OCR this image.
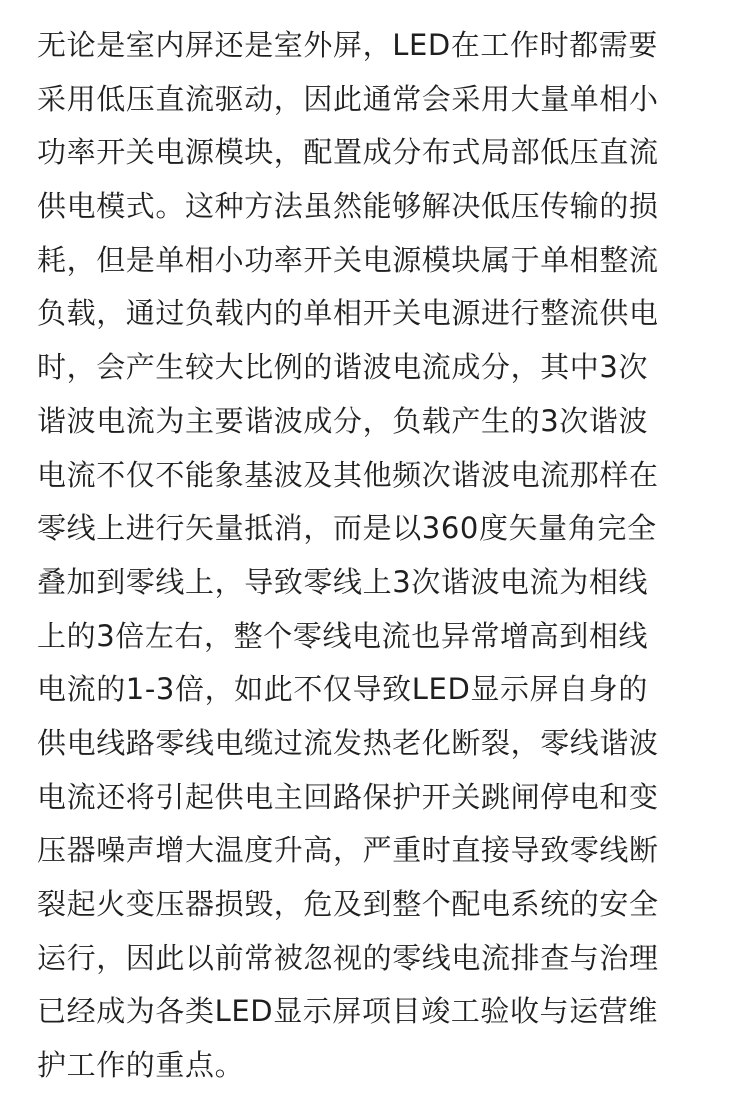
无论是室内屏还是室外屏，LED在工作时都需要
采用低压直流驱动，因此通常会采用大量单相小
功率开关电源模块，配置成分布式局部低压直流
供电模式。这种方法虽然能够解决低压传输的损
耗，但是单相小功率开关电源模块属于单相整流
负载，通过负载内的单相开关电源进行整流供电
时，会产生较大比例的谐波电流成分，其中3次
谐波电流为主要谐波成分，负载产生的3次谐波
电流不仅不能象基波及其他频次谐波电流那样在
零线上进行矢量抵消，而是以360度矢量角完全
叠加到零线上，导致零线上3次谐波电流为相线
上的3倍左右，整个零线电流也异常增高到相线
电流的1-3倍，如此不仅导致LED显示屏自身的
供电线路零线电缆过流发热老化断裂，零线谐波
电流还将引起供电主回路保护开关跳闸停电和变
压器噪声增大温度升高，严重时直接导致零线断
裂起火变压器损毁，危及到整个配电系统的安全
运行，因此以前常被忽视的零线电流排查与治理
已经成为各类LED显示屏项目竣工验收与运营维
护工作的重点。
